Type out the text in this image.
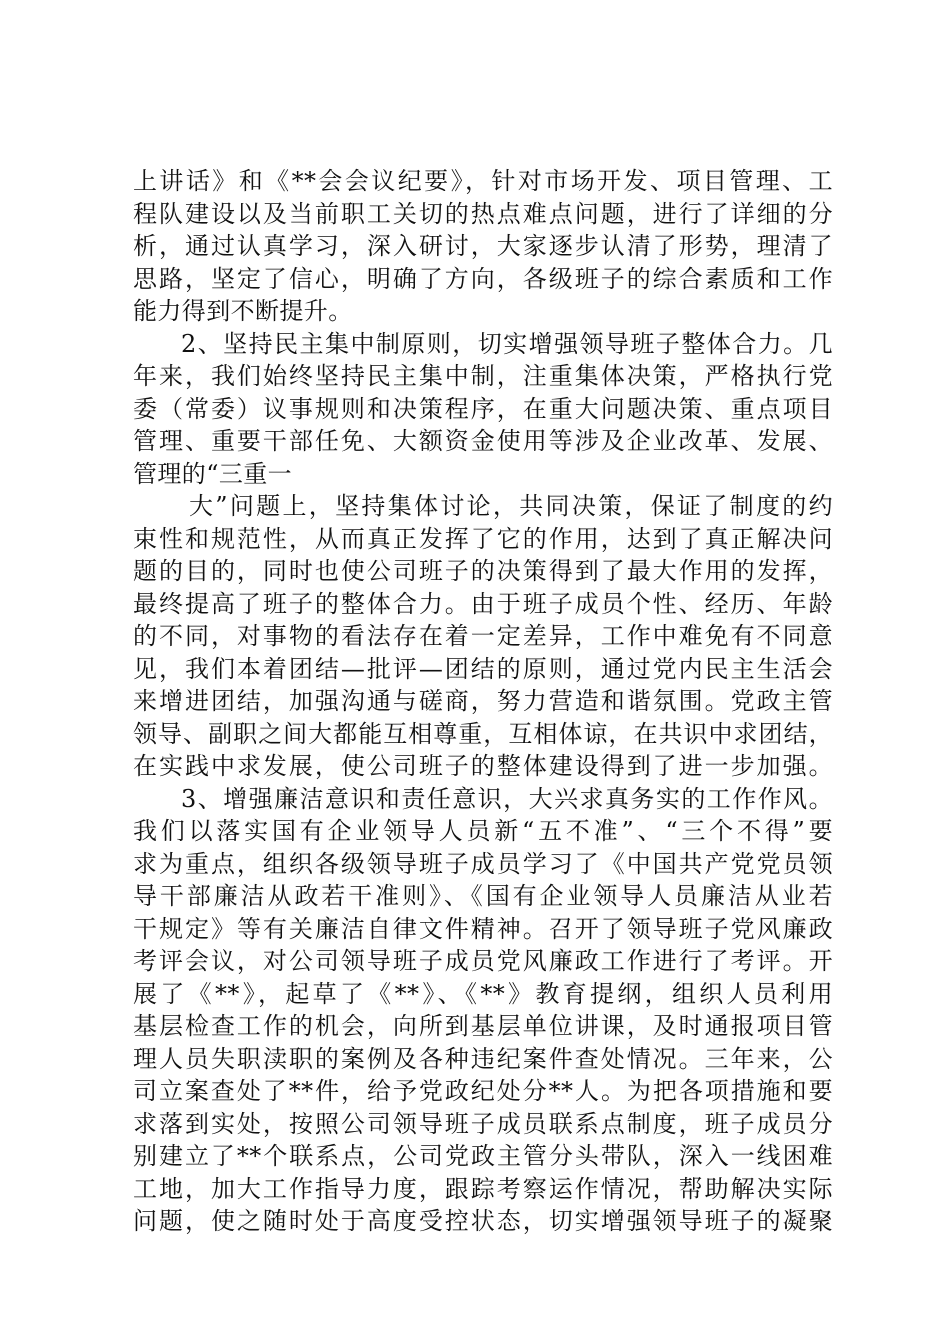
上讲话》和《**会会议纪要》，针对市场开发、项目管理、工
程队建设以及当前职工关切的热点难点问题，进行了详细的分
析，通过认真学习，深入研讨，大家逐步认清了形势，理清了
思路，坚定了信心，明确了方向，各级班子的综合素质和工作
能力得到不断提升。
2、坚持民主集中制原则，切实增强领导班子整体合力。几
年来，我们始终坚持民主集中制，注重集体决策，严格执行党
委（常委）议事规则和决策程序，在重大问题决策、重点项目
管理、重要干部任免、大额资金使用等涉及企业改革、发展、
管理的“三重一
大”问题上，坚持集体讨论，共同决策，保证了制度的约
束性和规范性，从而真正发挥了它的作用，达到了真正解决问
题的目的，同时也使公司班子的决策得到了最大作用的发挥，
最终提高了班子的整体合力。由于班子成员个性、经历、年龄
的不同，对事物的看法存在着一定差异，工作中难免有不同意
见，我们本着团结—批评—团结的原则，通过党内民主生活会
来增进团结，加强沟通与磋商，努力营造和谐氛围。党政主管
领导、副职之间大都能互相尊重，互相体谅，在共识中求团结，
在实践中求发展，使公司班子的整体建设得到了进一步加强。
3、增强廉洁意识和责任意识，大兴求真务实的工作作风。
我们以落实国有企业领导人员新“五不准”、“三个不得”要
求为重点，组织各级领导班子成员学习了《中国共产党党员领
导干部廉洁从政若干准则》、《国有企业领导人员廉洁从业若
干规定》等有关廉洁自律文件精神。召开了领导班子党风廉政
考评会议，对公司领导班子成员党风廉政工作进行了考评。开
展了《**》，起草了《**》、《**》教育提纲，组织人员利用
基层检查工作的机会，向所到基层单位讲课，及时通报项目管
理人员失职渎职的案例及各种违纪案件查处情况。三年来，公
司立案查处了**件，给予党政纪处分**人。为把各项措施和要
求落到实处，按照公司领导班子成员联系点制度，班子成员分
别建立了**个联系点，公司党政主管分头带队，深入一线困难
工地，加大工作指导力度，跟踪考察运作情况，帮助解决实际
问题，使之随时处于高度受控状态，切实增强领导班子的凝聚
